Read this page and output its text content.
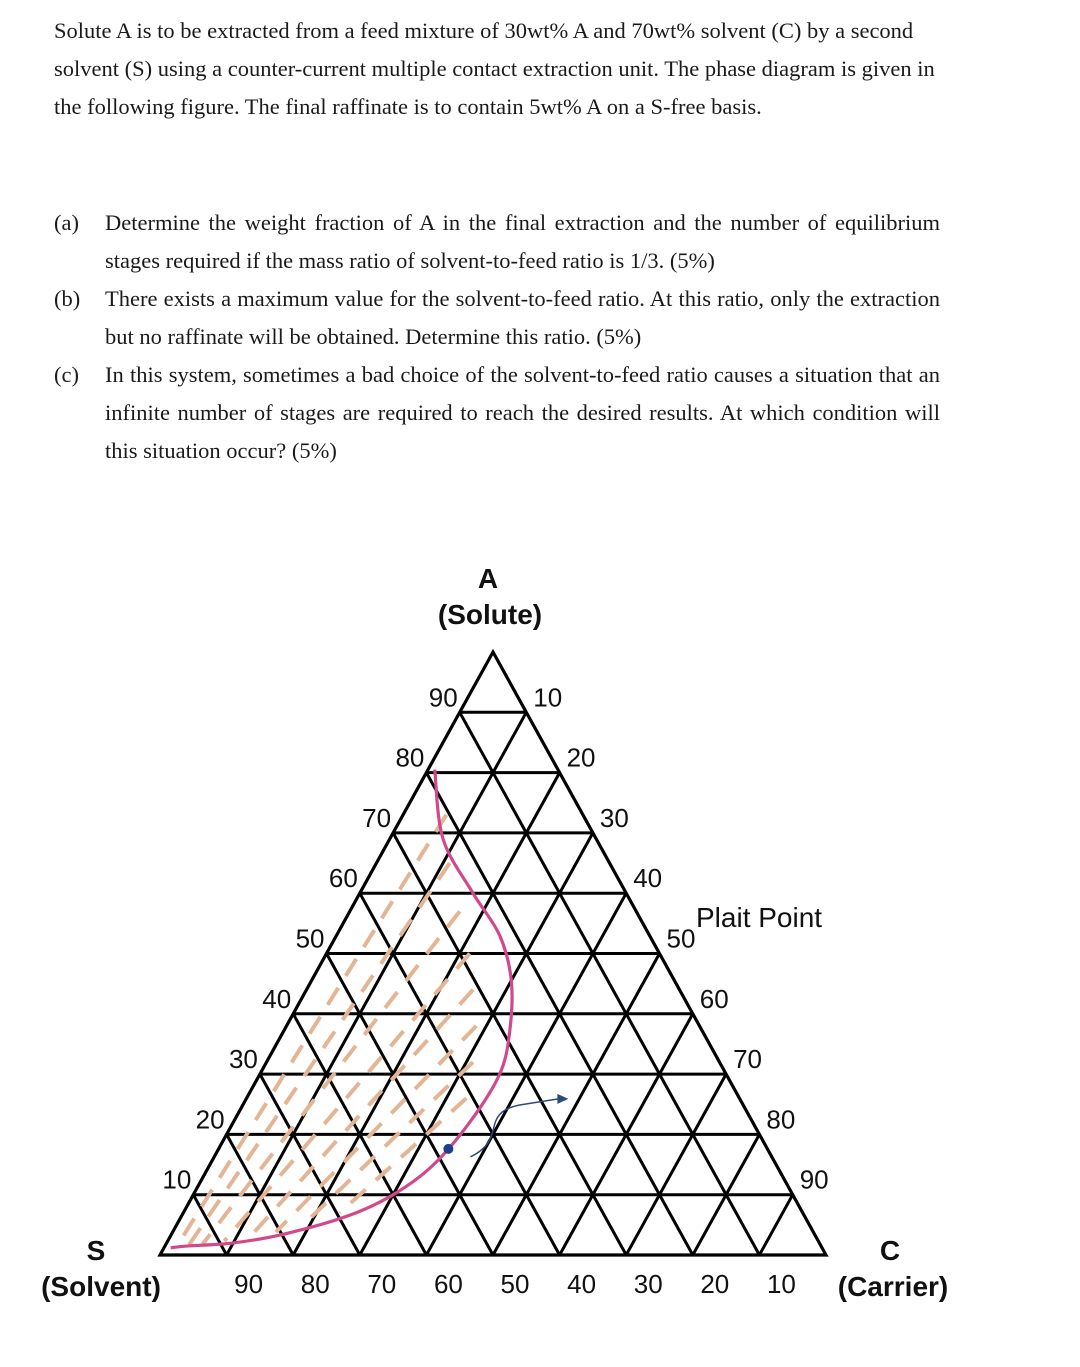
Solute A is to be extracted from a feed mixture of 30wt% A and 70wt% solvent (C) by a second solvent (S) using a counter-current multiple contact extraction unit. The phase diagram is given in the following figure. The final raffinate is to contain 5wt% A on a S-free basis.

(a) Determine the weight fraction of A in the final extraction and the number of equilibrium stages required if the mass ratio of solvent-to-feed ratio is 1/3. (5%)

(b) There exists a maximum value for the solvent-to-feed ratio. At this ratio, only the extraction but no raffinate will be obtained. Determine this ratio. (5%)

(c) In this system, sometimes a bad choice of the solvent-to-feed ratio causes a situation that an infinite number of stages are required to reach the desired results. At which condition will this situation occur? (5%)

90
80
70
60
50
40
30
20
10
10
20
30
40
50
60
70
80
90
90 80 70 60 50 40 30 20 10
A
(Solute)
S
(Solvent)
C
(Carrier)
Plait Point
